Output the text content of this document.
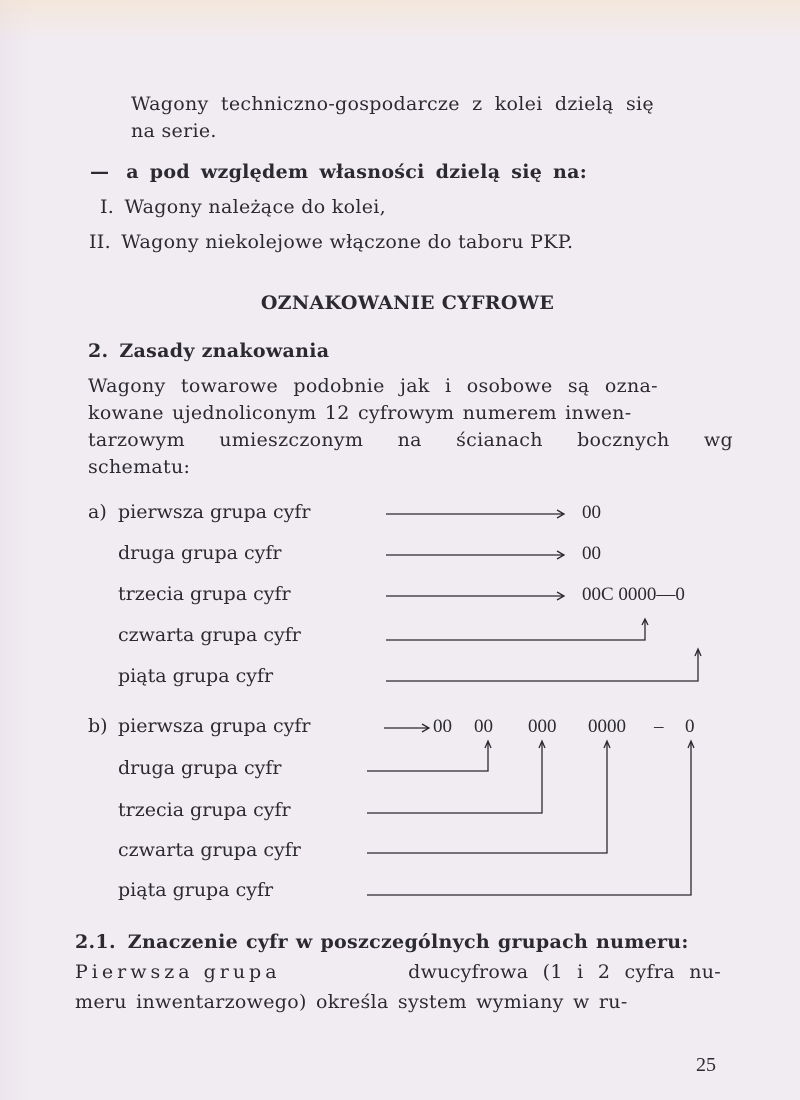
Wagony techniczno-gospodarcze z kolei dzielą się
na serie.
— a pod względem własności dzielą się na:
I. Wagony należące do kolei,
II. Wagony niekolejowe włączone do taboru PKP.
OZNAKOWANIE CYFROWE
2. Zasady znakowania
Wagony towarowe podobnie jak i osobowe są ozna-
kowane ujednoliconym 12 cyfrowym numerem inwen-
tarzowym umieszczonym na ścianach bocznych wg
schematu:
a) pierwsza grupa cyfr
druga grupa cyfr
trzecia grupa cyfr
czwarta grupa cyfr
piąta grupa cyfr
00
00
00C 0000—0
b) pierwsza grupa cyfr
druga grupa cyfr
trzecia grupa cyfr
czwarta grupa cyfr
piąta grupa cyfr
00 00 000 0000 – 0
2.1. Znaczenie cyfr w poszczególnych grupach numeru:
Pierwsza grupa	dwucyfrowa (1 i 2 cyfra nu-
meru inwentarzowego) określa system wymiany w ru-
25
